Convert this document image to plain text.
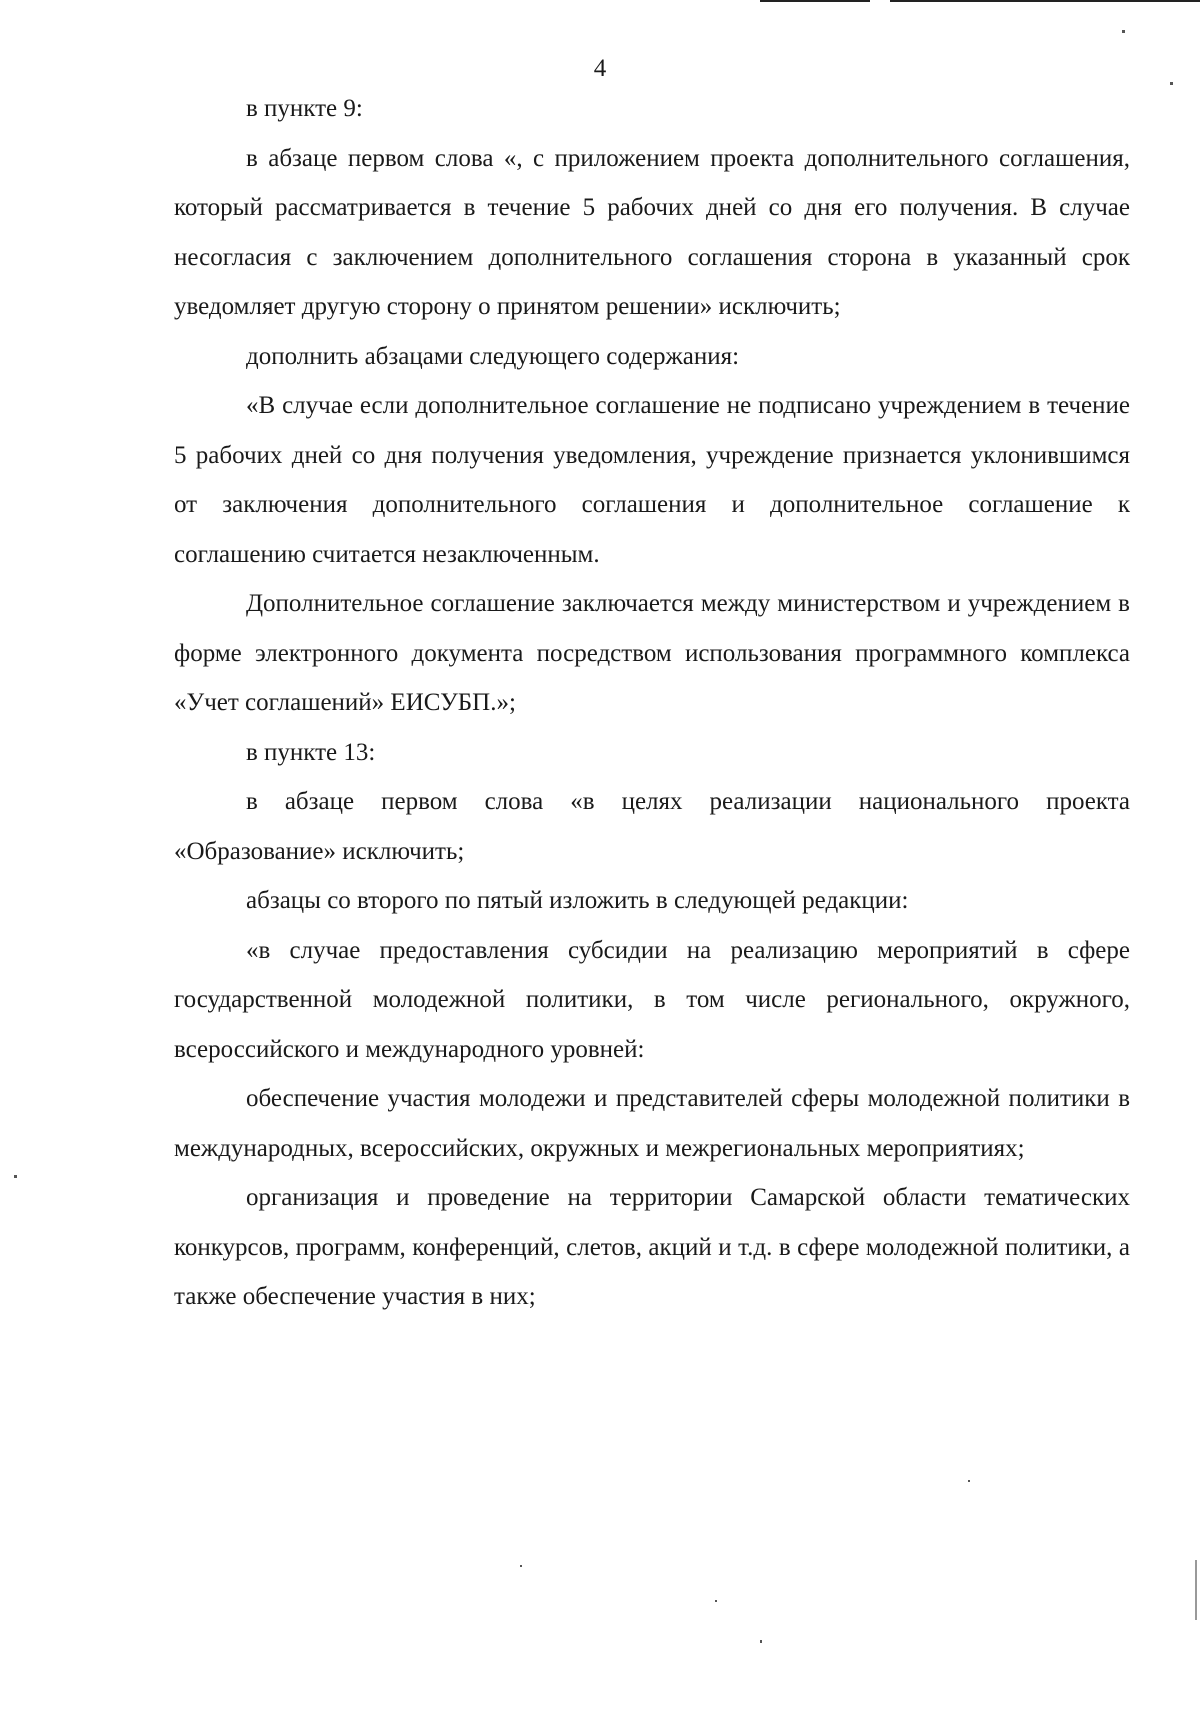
4

в пункте 9:

в абзаце первом слова «, с приложением проекта дополнительного соглашения, который рассматривается в течение 5 рабочих дней со дня его получения. В случае несогласия с заключением дополнительного соглашения сторона в указанный срок уведомляет другую сторону о принятом решении» исключить;

дополнить абзацами следующего содержания:

«В случае если дополнительное соглашение не подписано учреждением в течение 5 рабочих дней со дня получения уведомления, учреждение признается уклонившимся от заключения дополнительного соглашения и дополнительное соглашение к соглашению считается незаключенным.

Дополнительное соглашение заключается между министерством и учреждением в форме электронного документа посредством использования программного комплекса «Учет соглашений» ЕИСУБП.»;

в пункте 13:

в абзаце первом слова «в целях реализации национального проекта «Образование» исключить;

абзацы со второго по пятый изложить в следующей редакции:

«в случае предоставления субсидии на реализацию мероприятий в сфере государственной молодежной политики, в том числе регионального, окружного, всероссийского и международного уровней:

обеспечение участия молодежи и представителей сферы молодежной политики в международных, всероссийских, окружных и межрегиональных мероприятиях;

организация и проведение на территории Самарской области тематических конкурсов, программ, конференций, слетов, акций и т.д. в сфере молодежной политики, а также обеспечение участия в них;
